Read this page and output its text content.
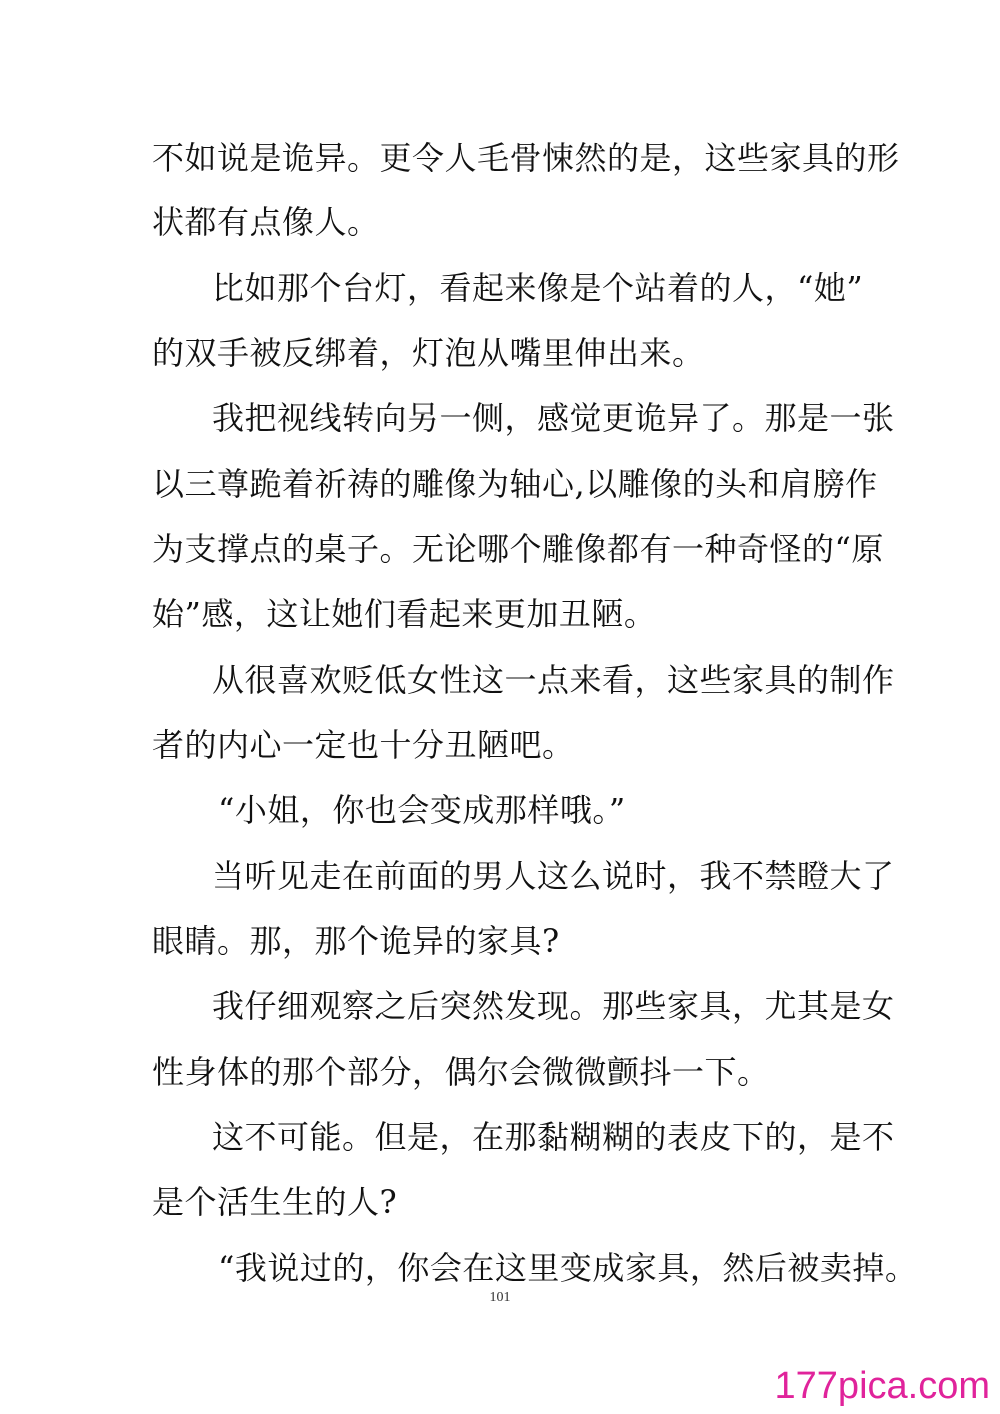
不如说是诡异。更令人毛骨悚然的是，这些家具的形
状都有点像人。
比如那个台灯，看起来像是个站着的人，“她”
的双手被反绑着，灯泡从嘴里伸出来。
我把视线转向另一侧，感觉更诡异了。那是一张
以三尊跪着祈祷的雕像为轴心,以雕像的头和肩膀作
为支撑点的桌子。无论哪个雕像都有一种奇怪的“原
始”感，这让她们看起来更加丑陋。
从很喜欢贬低女性这一点来看，这些家具的制作
者的内心一定也十分丑陋吧。
“小姐，你也会变成那样哦。”
当听见走在前面的男人这么说时，我不禁瞪大了
眼睛。那，那个诡异的家具?
我仔细观察之后突然发现。那些家具，尤其是女
性身体的那个部分，偶尔会微微颤抖一下。
这不可能。但是，在那黏糊糊的表皮下的，是不
是个活生生的人?
“我说过的，你会在这里变成家具，然后被卖掉。
101
177pica.com
